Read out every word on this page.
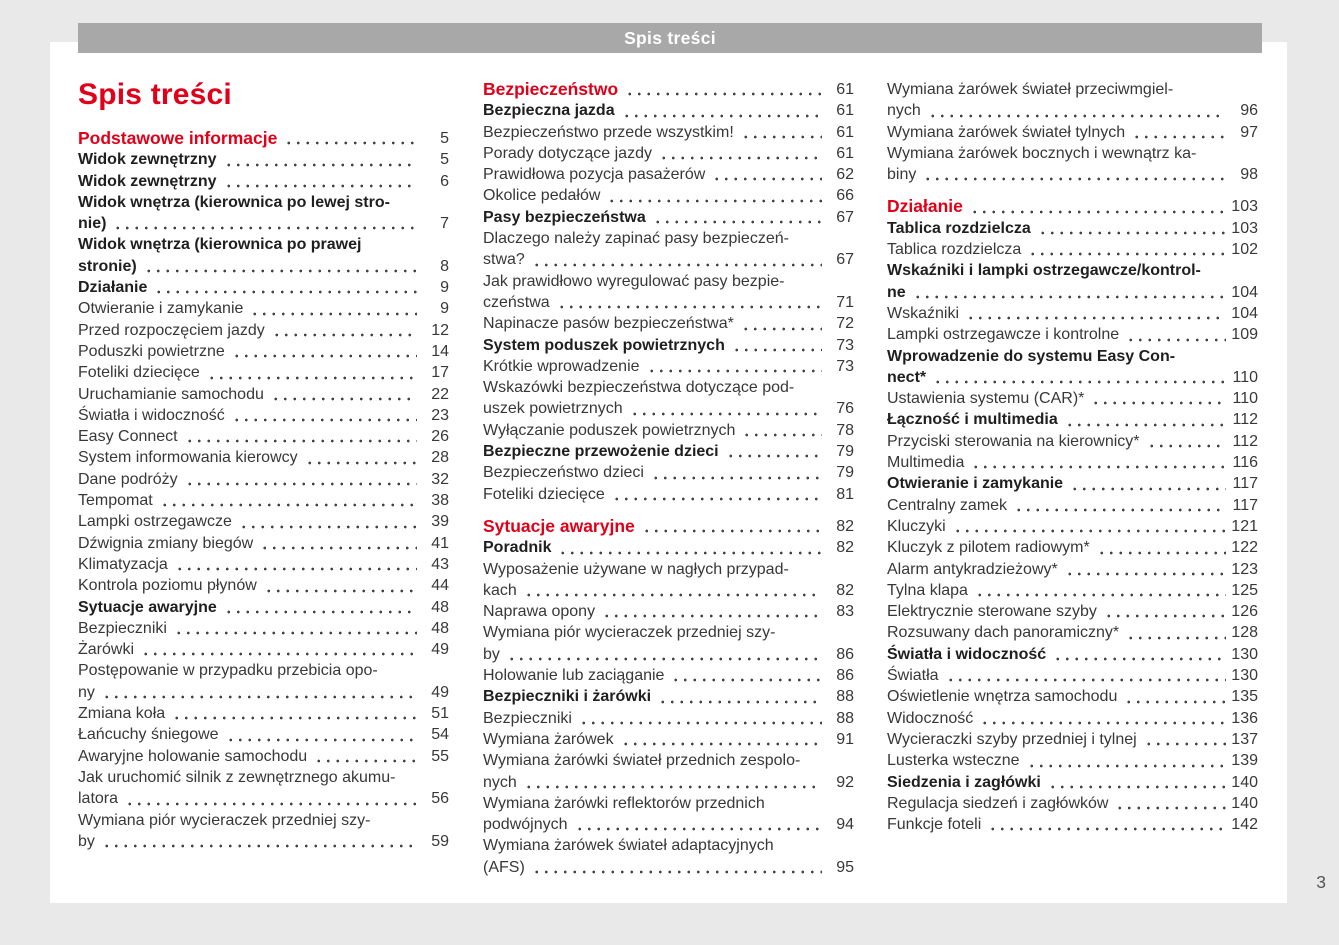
Spis treści
Spis treści
Podstawowe informacje	5
Widok zewnętrzny	5
Widok zewnętrzny	6
Widok wnętrza (kierownica po lewej stro-
nie)	7
Widok wnętrza (kierownica po prawej
stronie)	8
Działanie	9
Otwieranie i zamykanie	9
Przed rozpoczęciem jazdy	12
Poduszki powietrzne	14
Foteliki dziecięce	17
Uruchamianie samochodu	22
Światła i widoczność	23
Easy Connect	26
System informowania kierowcy	28
Dane podróży	32
Tempomat	38
Lampki ostrzegawcze	39
Dźwignia zmiany biegów	41
Klimatyzacja	43
Kontrola poziomu płynów	44
Sytuacje awaryjne	48
Bezpieczniki	48
Żarówki	49
Postępowanie w przypadku przebicia opo-
ny	49
Zmiana koła	51
Łańcuchy śniegowe	54
Awaryjne holowanie samochodu	55
Jak uruchomić silnik z zewnętrznego akumu-
latora	56
Wymiana piór wycieraczek przedniej szy-
by	59
Bezpieczeństwo	61
Bezpieczna jazda	61
Bezpieczeństwo przede wszystkim!	61
Porady dotyczące jazdy	61
Prawidłowa pozycja pasażerów	62
Okolice pedałów	66
Pasy bezpieczeństwa	67
Dlaczego należy zapinać pasy bezpieczeń-
stwa?	67
Jak prawidłowo wyregulować pasy bezpie-
czeństwa	71
Napinacze pasów bezpieczeństwa*	72
System poduszek powietrznych	73
Krótkie wprowadzenie	73
Wskazówki bezpieczeństwa dotyczące pod-
uszek powietrznych	76
Wyłączanie poduszek powietrznych	78
Bezpieczne przewożenie dzieci	79
Bezpieczeństwo dzieci	79
Foteliki dziecięce	81
Sytuacje awaryjne	82
Poradnik	82
Wyposażenie używane w nagłych przypad-
kach	82
Naprawa opony	83
Wymiana piór wycieraczek przedniej szy-
by	86
Holowanie lub zaciąganie	86
Bezpieczniki i żarówki	88
Bezpieczniki	88
Wymiana żarówek	91
Wymiana żarówki świateł przednich zespolo-
nych	92
Wymiana żarówki reflektorów przednich
podwójnych	94
Wymiana żarówek świateł adaptacyjnych
(AFS)	95
Wymiana żarówek świateł przeciwmgiel-
nych	96
Wymiana żarówek świateł tylnych	97
Wymiana żarówek bocznych i wewnątrz ka-
biny	98
Działanie	103
Tablica rozdzielcza	103
Tablica rozdzielcza	102
Wskaźniki i lampki ostrzegawcze/kontrol-
ne	104
Wskaźniki	104
Lampki ostrzegawcze i kontrolne	109
Wprowadzenie do systemu Easy Con-
nect*	110
Ustawienia systemu (CAR)*	110
Łączność i multimedia	112
Przyciski sterowania na kierownicy*	112
Multimedia	116
Otwieranie i zamykanie	117
Centralny zamek	117
Kluczyki	121
Kluczyk z pilotem radiowym*	122
Alarm antykradzieżowy*	123
Tylna klapa	125
Elektrycznie sterowane szyby	126
Rozsuwany dach panoramiczny*	128
Światła i widoczność	130
Światła	130
Oświetlenie wnętrza samochodu	135
Widoczność	136
Wycieraczki szyby przedniej i tylnej	137
Lusterka wsteczne	139
Siedzenia i zagłówki	140
Regulacja siedzeń i zagłówków	140
Funkcje foteli	142
3
